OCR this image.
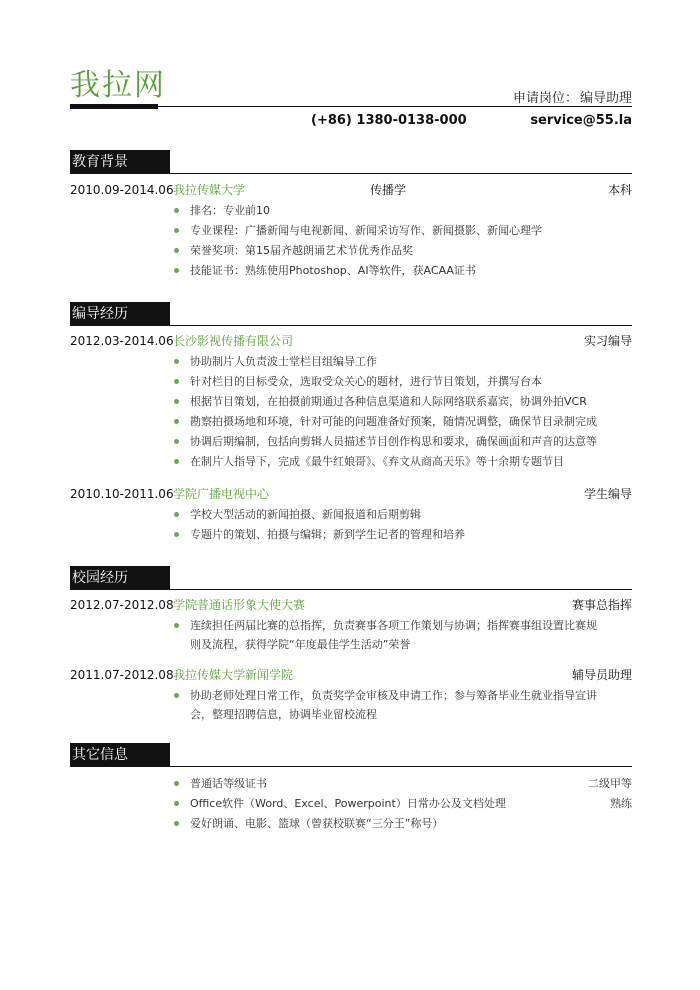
我拉网	申请岗位： 编导助理
(+86) 1380-0138-000	service@55.la
教育背景
2010.09-2014.06 我拉传媒大学	传播学	本科
排名：专业前10
专业课程：广播新闻与电视新闻、新闻采访写作、新闻摄影、新闻心理学
荣誉奖项：第15届齐越朗诵艺术节优秀作品奖
技能证书：熟练使用Photoshop、AI等软件，获ACAA证书
编导经历
2012.03-2014.06 长沙影视传播有限公司	实习编导
协助制片人负责波士堂栏目组编导工作
针对栏目的目标受众，选取受众关心的题材，进行节目策划，并撰写台本
根据节目策划，在拍摄前期通过各种信息渠道和人际网络联系嘉宾，协调外拍VCR
勘察拍摄场地和环境，针对可能的问题准备好预案，随情况调整，确保节目录制完成
协调后期编制，包括向剪辑人员描述节目创作构思和要求，确保画面和声音的达意等
在制片人指导下，完成《最牛红娘哥》、《弃文从商高天乐》等十余期专题节目
2010.10-2011.06 学院广播电视中心	学生编导
学校大型活动的新闻拍摄、新闻报道和后期剪辑
专题片的策划、拍摄与编辑；新到学生记者的管理和培养
校园经历
2012.07-2012.08 学院普通话形象大使大赛	赛事总指挥
连续担任两届比赛的总指挥，负责赛事各项工作策划与协调；指挥赛事组设置比赛规
则及流程，获得学院“年度最佳学生活动”荣誉
2011.07-2012.08 我拉传媒大学新闻学院	辅导员助理
协助老师处理日常工作，负责奖学金审核及申请工作；参与筹备毕业生就业指导宣讲
会，整理招聘信息，协调毕业留校流程
其它信息
普通话等级证书	二级甲等
Office软件（Word、Excel、Powerpoint）日常办公及文档处理	熟练
爱好朗诵、电影、篮球（曾获校联赛“三分王”称号）
